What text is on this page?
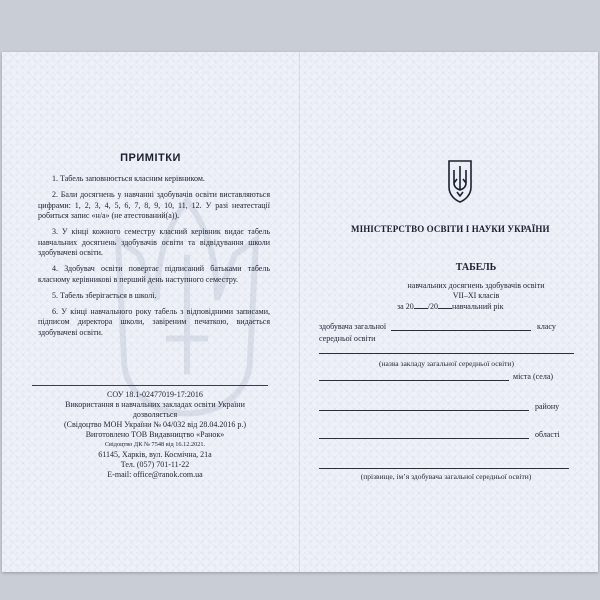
ПРИМІТКИ
1. Табель заповнюється класним керівником.
2. Бали досягнень у навчанні здобувачів освіти виставляються цифрами: 1, 2, 3, 4, 5, 6, 7, 8, 9, 10, 11, 12. У разі неатестації робиться запис «н/а» (не атестований(а)).
3. У кінці кожного семестру класний керівник видає табель навчальних досягнень здобувачів освіти та відвідування школи здобувачеві освіти.
4. Здобувач освіти повертає підписаний батьками табель класному керівникові в перший день наступного семестру.
5. Табель зберігається в школі.
6. У кінці навчального року табель з відповідними записами, підписом директора школи, завіреним печаткою, видається здобувачеві освіти.
СОУ 18.1-02477019-17:2016
Використання в навчальних закладах освіти України
дозволяється
(Свідоцтво МОН України № 04/032 від 28.04.2016 р.)
Виготовлено ТОВ Видавництво «Ранок»
Свідоцтво ДК № 7548 від 16.12.2021.
61145, Харків, вул. Космічна, 21а
Тел. (057) 701-11-22
E-mail: office@ranok.com.ua
МІНІСТЕРСТВО ОСВІТИ І НАУКИ УКРАЇНИ
ТАБЕЛЬ
навчальних досягнень здобувачів освіти
VII–XI класів
за 20 /20 навчальний рік
здобувача загальної	класу
середньої освіти
(назва закладу загальної середньої освіти)
міста (села)
району
області
(прізвище, ім’я здобувача загальної середньої освіти)
